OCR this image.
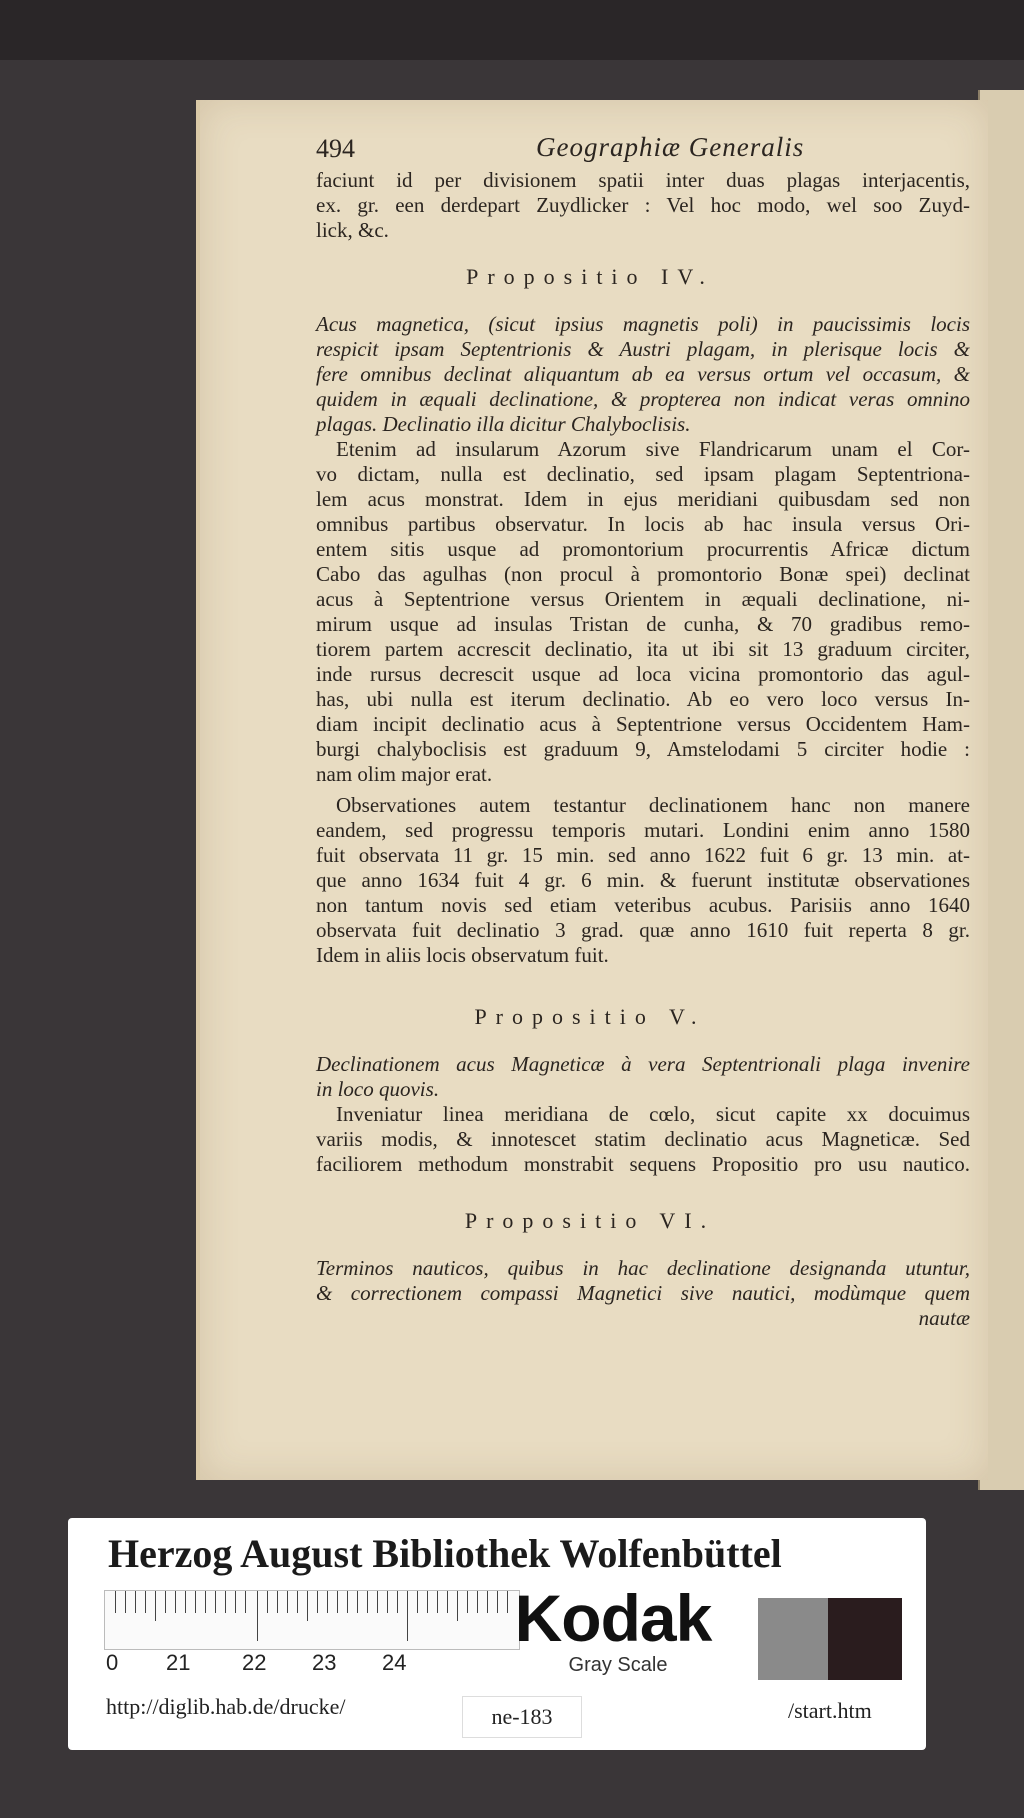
494	Geographiæ Generalis
faciunt id per divisionem spatii inter duas plagas interjacentis,
ex. gr. een derdepart Zuydlicker : Vel hoc modo, wel soo Zuyd-
lick, &c.
Propositio IV.
Acus magnetica, (sicut ipsius magnetis poli) in paucissimis locis
respicit ipsam Septentrionis & Austri plagam, in plerisque locis &
fere omnibus declinat aliquantum ab ea versus ortum vel occasum, &
quidem in æquali declinatione, & propterea non indicat veras omnino
plagas. Declinatio illa dicitur Chalyboclisis.
Etenim ad insularum Azorum sive Flandricarum unam el Cor-
vo dictam, nulla est declinatio, sed ipsam plagam Septentriona-
lem acus monstrat. Idem in ejus meridiani quibusdam sed non
omnibus partibus observatur. In locis ab hac insula versus Ori-
entem sitis usque ad promontorium procurrentis Africæ dictum
Cabo das agulhas (non procul à promontorio Bonæ spei) declinat
acus à Septentrione versus Orientem in æquali declinatione, ni-
mirum usque ad insulas Tristan de cunha, & 70 gradibus remo-
tiorem partem accrescit declinatio, ita ut ibi sit 13 graduum circiter,
inde rursus decrescit usque ad loca vicina promontorio das agul-
has, ubi nulla est iterum declinatio. Ab eo vero loco versus In-
diam incipit declinatio acus à Septentrione versus Occidentem Ham-
burgi chalyboclisis est graduum 9, Amstelodami 5 circiter hodie :
nam olim major erat.
Observationes autem testantur declinationem hanc non manere
eandem, sed progressu temporis mutari. Londini enim anno 1580
fuit observata 11 gr. 15 min. sed anno 1622 fuit 6 gr. 13 min. at-
que anno 1634 fuit 4 gr. 6 min. & fuerunt institutæ observationes
non tantum novis sed etiam veteribus acubus. Parisiis anno 1640
observata fuit declinatio 3 grad. quæ anno 1610 fuit reperta 8 gr.
Idem in aliis locis observatum fuit.
Propositio V.
Declinationem acus Magneticæ à vera Septentrionali plaga invenire
in loco quovis.
Inveniatur linea meridiana de cœlo, sicut capite xx docuimus
variis modis, & innotescet statim declinatio acus Magneticæ. Sed
faciliorem methodum monstrabit sequens Propositio pro usu nautico.
Propositio VI.
Terminos nauticos, quibus in hac declinatione designanda utuntur,
& correctionem compassi Magnetici sive nautici, modùmque quem
nautæ
Herzog August Bibliothek Wolfenbüttel
0 21 22 23 24
Kodak
Gray Scale
http://diglib.hab.de/drucke/	ne-183	/start.htm
